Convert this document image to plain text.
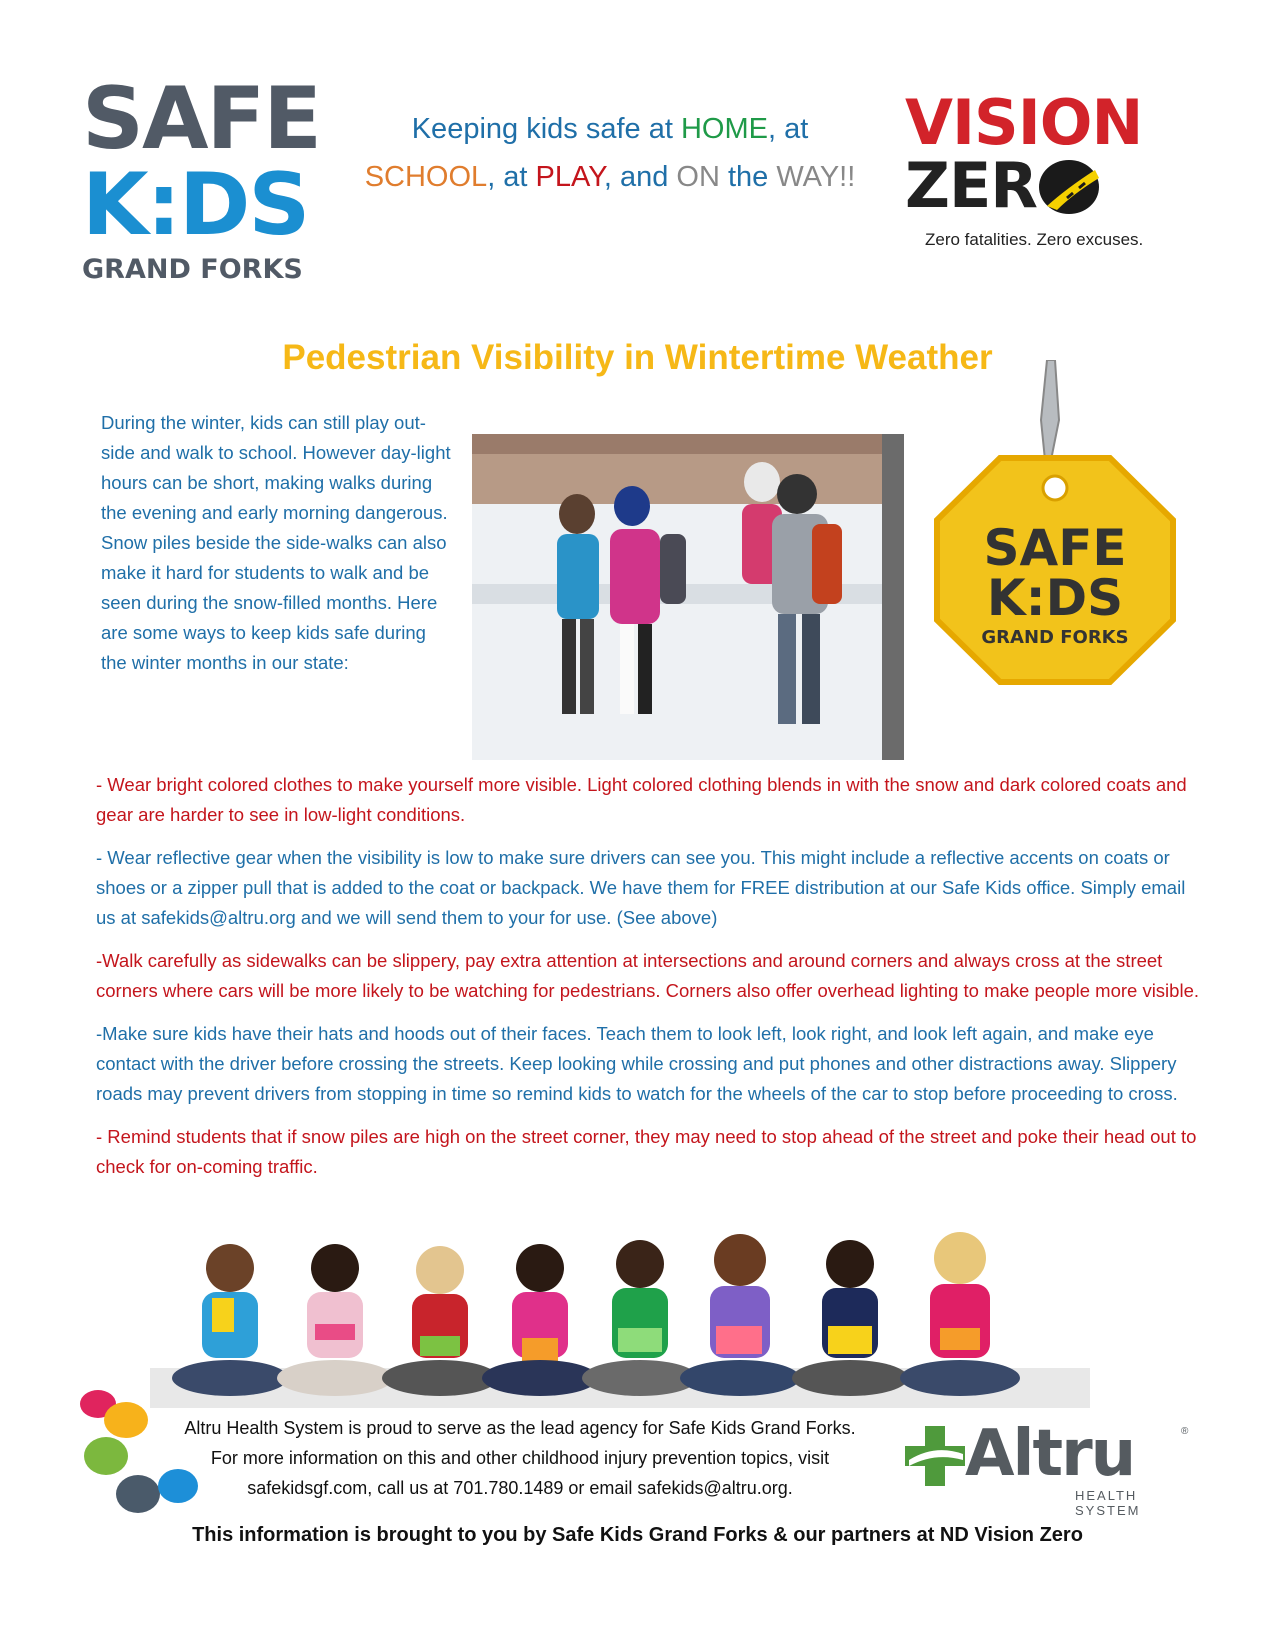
SAFE
K:DS
GRAND FORKS
Keeping kids safe at HOME, at
SCHOOL, at PLAY, and ON the WAY!!
VISION
ZER
Zero fatalities. Zero excuses.
Pedestrian Visibility in Wintertime Weather
During the winter, kids can still play out-side and walk to school. However day-light hours can be short, making walks during the evening and early morning dangerous. Snow piles beside the side-walks can also make it hard for students to walk and be seen during the snow-filled months. Here are some ways to keep kids safe during the winter months in our state:
SAFE
K:DS
GRAND FORKS

- Wear bright colored clothes to make yourself more visible. Light colored clothing blends in with the snow and dark colored coats and gear are harder to see in low-light conditions.

- Wear reflective gear when the visibility is low to make sure drivers can see you. This might include a reflective accents on coats or shoes or a zipper pull that is added to the coat or backpack. We have them for FREE distribution at our Safe Kids office. Simply email us at safekids@altru.org and we will send them to your for use. (See above)

-Walk carefully as sidewalks can be slippery, pay extra attention at intersections and around corners and always cross at the street corners where cars will be more likely to be watching for pedestrians. Corners also offer overhead lighting to make people more visible.

-Make sure kids have their hats and hoods out of their faces. Teach them to look left, look right, and look left again, and make eye contact with the driver before crossing the streets. Keep looking while crossing and put phones and other distractions away. Slippery roads may prevent drivers from stopping in time so remind kids to watch for the wheels of the car to stop before proceeding to cross.

- Remind students that if snow piles are high on the street corner, they may need to stop ahead of the street and poke their head out to check for on-coming traffic.

Altru Health System is proud to serve as the lead agency for Safe Kids Grand Forks.
For more information on this and other childhood injury prevention topics, visit
safekidsgf.com, call us at 701.780.1489 or email safekids@altru.org.	Altru	®
HEALTH SYSTEM
This information is brought to you by Safe Kids Grand Forks & our partners at ND Vision Zero
